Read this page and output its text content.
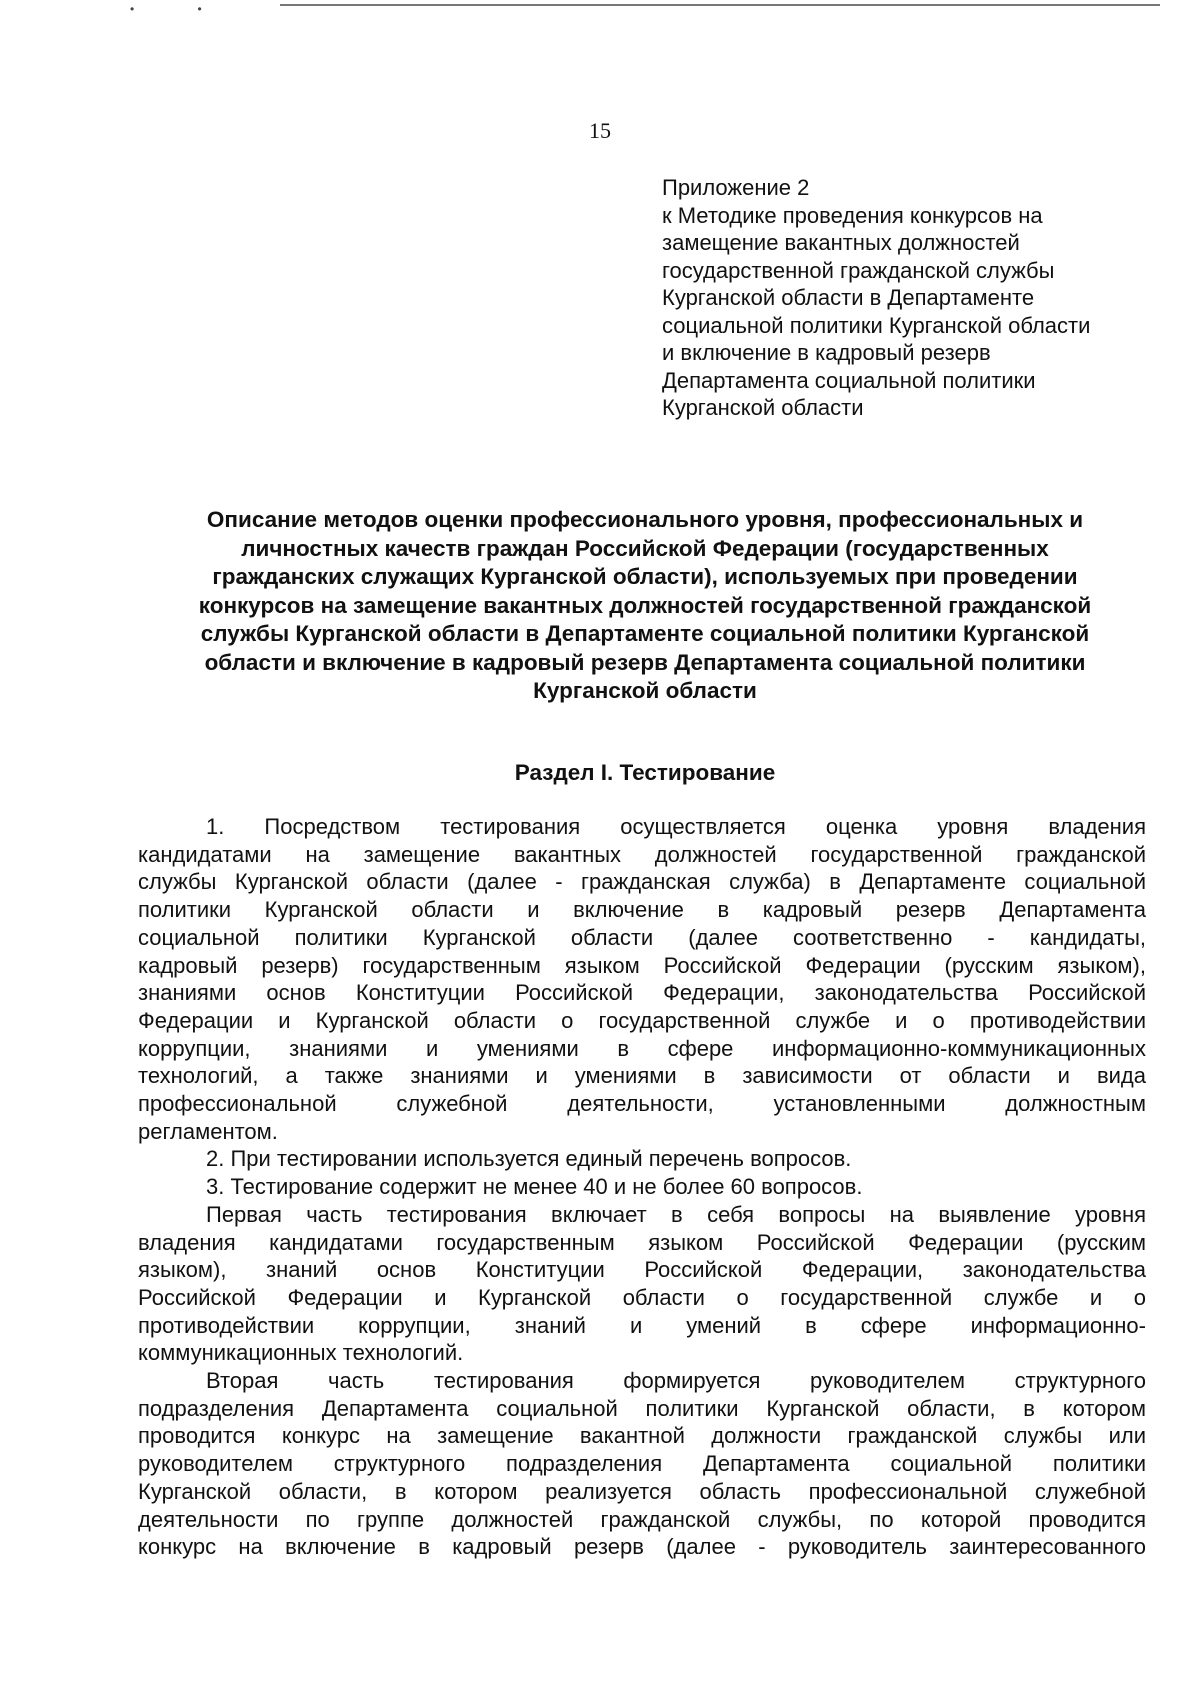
• •
15
Приложение 2
к Методике проведения конкурсов на
замещение вакантных должностей
государственной гражданской службы
Курганской области в Департаменте
социальной политики Курганской области
и включение в кадровый резерв
Департамента социальной политики
Курганской области
Описание методов оценки профессионального уровня, профессиональных и
личностных качеств граждан Российской Федерации (государственных
гражданских служащих Курганской области), используемых при проведении
конкурсов на замещение вакантных должностей государственной гражданской
службы Курганской области в Департаменте социальной политики Курганской
области и включение в кадровый резерв Департамента социальной политики
Курганской области
Раздел I. Тестирование
1. Посредством тестирования осуществляется оценка уровня владения
кандидатами на замещение вакантных должностей государственной гражданской
службы Курганской области (далее - гражданская служба) в Департаменте социальной
политики Курганской области и включение в кадровый резерв Департамента
социальной политики Курганской области (далее соответственно - кандидаты,
кадровый резерв) государственным языком Российской Федерации (русским языком),
знаниями основ Конституции Российской Федерации, законодательства Российской
Федерации и Курганской области о государственной службе и о противодействии
коррупции, знаниями и умениями в сфере информационно-коммуникационных
технологий, а также знаниями и умениями в зависимости от области и вида
профессиональной служебной деятельности, установленными должностным
регламентом.
2. При тестировании используется единый перечень вопросов.
3. Тестирование содержит не менее 40 и не более 60 вопросов.
Первая часть тестирования включает в себя вопросы на выявление уровня
владения кандидатами государственным языком Российской Федерации (русским
языком), знаний основ Конституции Российской Федерации, законодательства
Российской Федерации и Курганской области о государственной службе и о
противодействии коррупции, знаний и умений в сфере информационно-
коммуникационных технологий.
Вторая часть тестирования формируется руководителем структурного
подразделения Департамента социальной политики Курганской области, в котором
проводится конкурс на замещение вакантной должности гражданской службы или
руководителем структурного подразделения Департамента социальной политики
Курганской области, в котором реализуется область профессиональной служебной
деятельности по группе должностей гражданской службы, по которой проводится
конкурс на включение в кадровый резерв (далее - руководитель заинтересованного
